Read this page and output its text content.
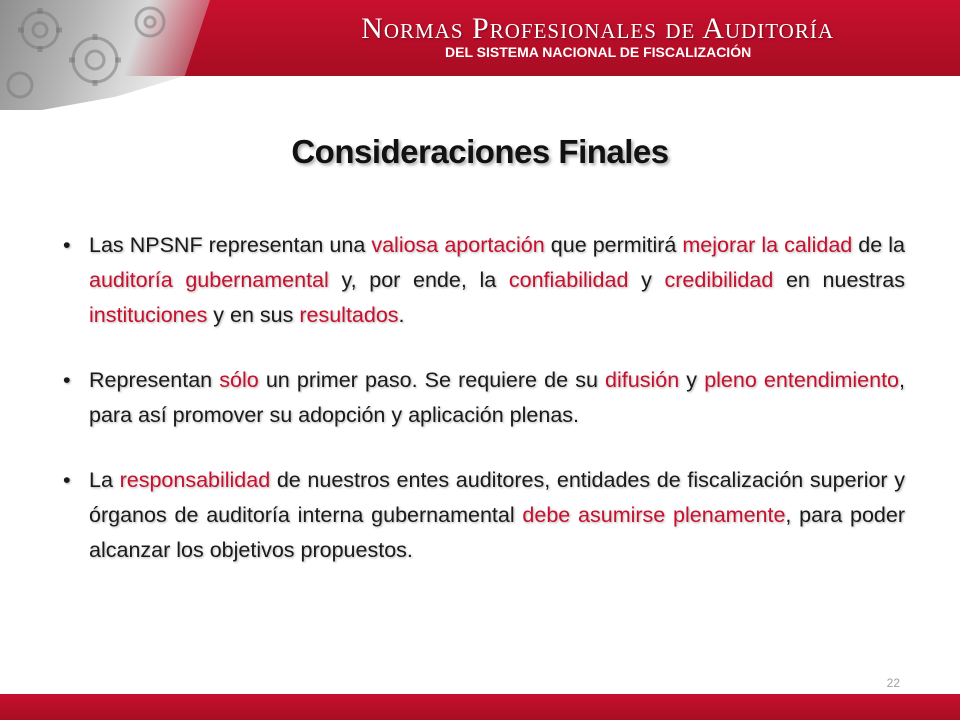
Normas Profesionales de Auditoría
DEL SISTEMA NACIONAL DE FISCALIZACIÓN
Consideraciones Finales
• Las NPSNF representan una valiosa aportación que permitirá mejorar la calidad de la auditoría gubernamental y, por ende, la confiabilidad y credibilidad en nuestras instituciones y en sus resultados.
• Representan sólo un primer paso. Se requiere de su difusión y pleno entendimiento, para así promover su adopción y aplicación plenas.
• La responsabilidad de nuestros entes auditores, entidades de fiscalización superior y órganos de auditoría interna gubernamental debe asumirse plenamente, para poder alcanzar los objetivos propuestos.
22
